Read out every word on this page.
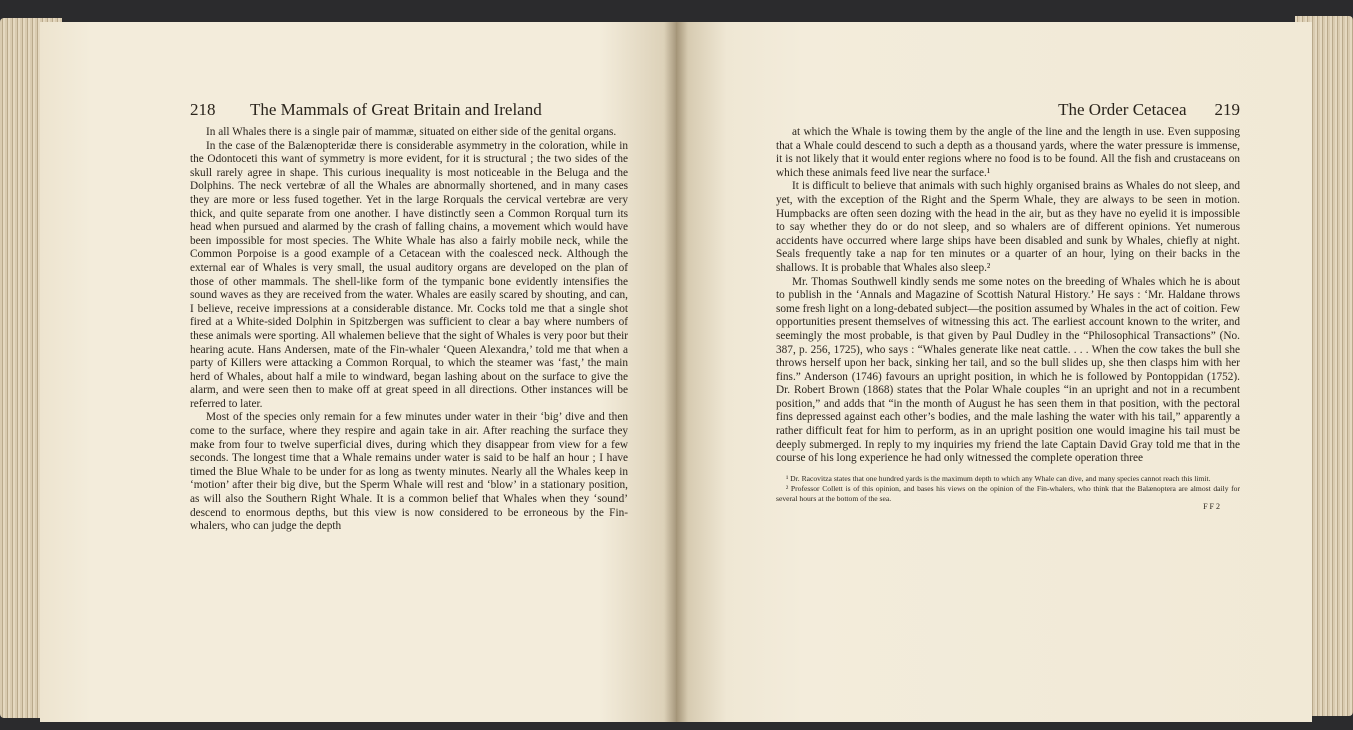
218	The Mammals of Great Britain and Ireland

In all Whales there is a single pair of mammæ, situated on either side of the genital organs.

In the case of the Balænopteridæ there is considerable asymmetry in the coloration, while in the Odontoceti this want of symmetry is more evident, for it is structural ; the two sides of the skull rarely agree in shape. This curious inequality is most noticeable in the Beluga and the Dolphins. The neck vertebræ of all the Whales are abnormally shortened, and in many cases they are more or less fused together. Yet in the large Rorquals the cervical vertebræ are very thick, and quite separate from one another. I have distinctly seen a Common Rorqual turn its head when pursued and alarmed by the crash of falling chains, a movement which would have been impossible for most species. The White Whale has also a fairly mobile neck, while the Common Porpoise is a good example of a Cetacean with the coalesced neck. Although the external ear of Whales is very small, the usual auditory organs are developed on the plan of those of other mammals. The shell-like form of the tympanic bone evidently intensifies the sound waves as they are received from the water. Whales are easily scared by shouting, and can, I believe, receive impressions at a considerable distance. Mr. Cocks told me that a single shot fired at a White-sided Dolphin in Spitzbergen was sufficient to clear a bay where numbers of these animals were sporting. All whalemen believe that the sight of Whales is very poor but their hearing acute. Hans Andersen, mate of the Fin-whaler ‘Queen Alexandra,’ told me that when a party of Killers were attacking a Common Rorqual, to which the steamer was ‘fast,’ the main herd of Whales, about half a mile to windward, began lashing about on the surface to give the alarm, and were seen then to make off at great speed in all directions. Other instances will be referred to later.

Most of the species only remain for a few minutes under water in their ‘big’ dive and then come to the surface, where they respire and again take in air. After reaching the surface they make from four to twelve superficial dives, during which they disappear from view for a few seconds. The longest time that a Whale remains under water is said to be half an hour ; I have timed the Blue Whale to be under for as long as twenty minutes. Nearly all the Whales keep in ‘motion’ after their big dive, but the Sperm Whale will rest and ‘blow’ in a stationary position, as will also the Southern Right Whale. It is a common belief that Whales when they ‘sound’ descend to enormous depths, but this view is now considered to be erroneous by the Fin-whalers, who can judge the depth

The Order Cetacea	219

at which the Whale is towing them by the angle of the line and the length in use. Even supposing that a Whale could descend to such a depth as a thousand yards, where the water pressure is immense, it is not likely that it would enter regions where no food is to be found. All the fish and crustaceans on which these animals feed live near the surface.¹

It is difficult to believe that animals with such highly organised brains as Whales do not sleep, and yet, with the exception of the Right and the Sperm Whale, they are always to be seen in motion. Humpbacks are often seen dozing with the head in the air, but as they have no eyelid it is impossible to say whether they do or do not sleep, and so whalers are of different opinions. Yet numerous accidents have occurred where large ships have been disabled and sunk by Whales, chiefly at night. Seals frequently take a nap for ten minutes or a quarter of an hour, lying on their backs in the shallows. It is probable that Whales also sleep.²

Mr. Thomas Southwell kindly sends me some notes on the breeding of Whales which he is about to publish in the ‘Annals and Magazine of Scottish Natural History.’ He says : ‘Mr. Haldane throws some fresh light on a long-debated subject—the position assumed by Whales in the act of coition. Few opportunities present themselves of witnessing this act. The earliest account known to the writer, and seemingly the most probable, is that given by Paul Dudley in the “Philosophical Transactions” (No. 387, p. 256, 1725), who says : “Whales generate like neat cattle. . . . When the cow takes the bull she throws herself upon her back, sinking her tail, and so the bull slides up, she then clasps him with her fins.” Anderson (1746) favours an upright position, in which he is followed by Pontoppidan (1752). Dr. Robert Brown (1868) states that the Polar Whale couples “in an upright and not in a recumbent position,” and adds that “in the month of August he has seen them in that position, with the pectoral fins depressed against each other’s bodies, and the male lashing the water with his tail,” apparently a rather difficult feat for him to perform, as in an upright position one would imagine his tail must be deeply submerged. In reply to my inquiries my friend the late Captain David Gray told me that in the course of his long experience he had only witnessed the complete operation three

¹ Dr. Racovitza states that one hundred yards is the maximum depth to which any Whale can dive, and many species cannot reach this limit.

² Professor Collett is of this opinion, and bases his views on the opinion of the Fin-whalers, who think that the Balænoptera are almost daily for several hours at the bottom of the sea.

F F 2
